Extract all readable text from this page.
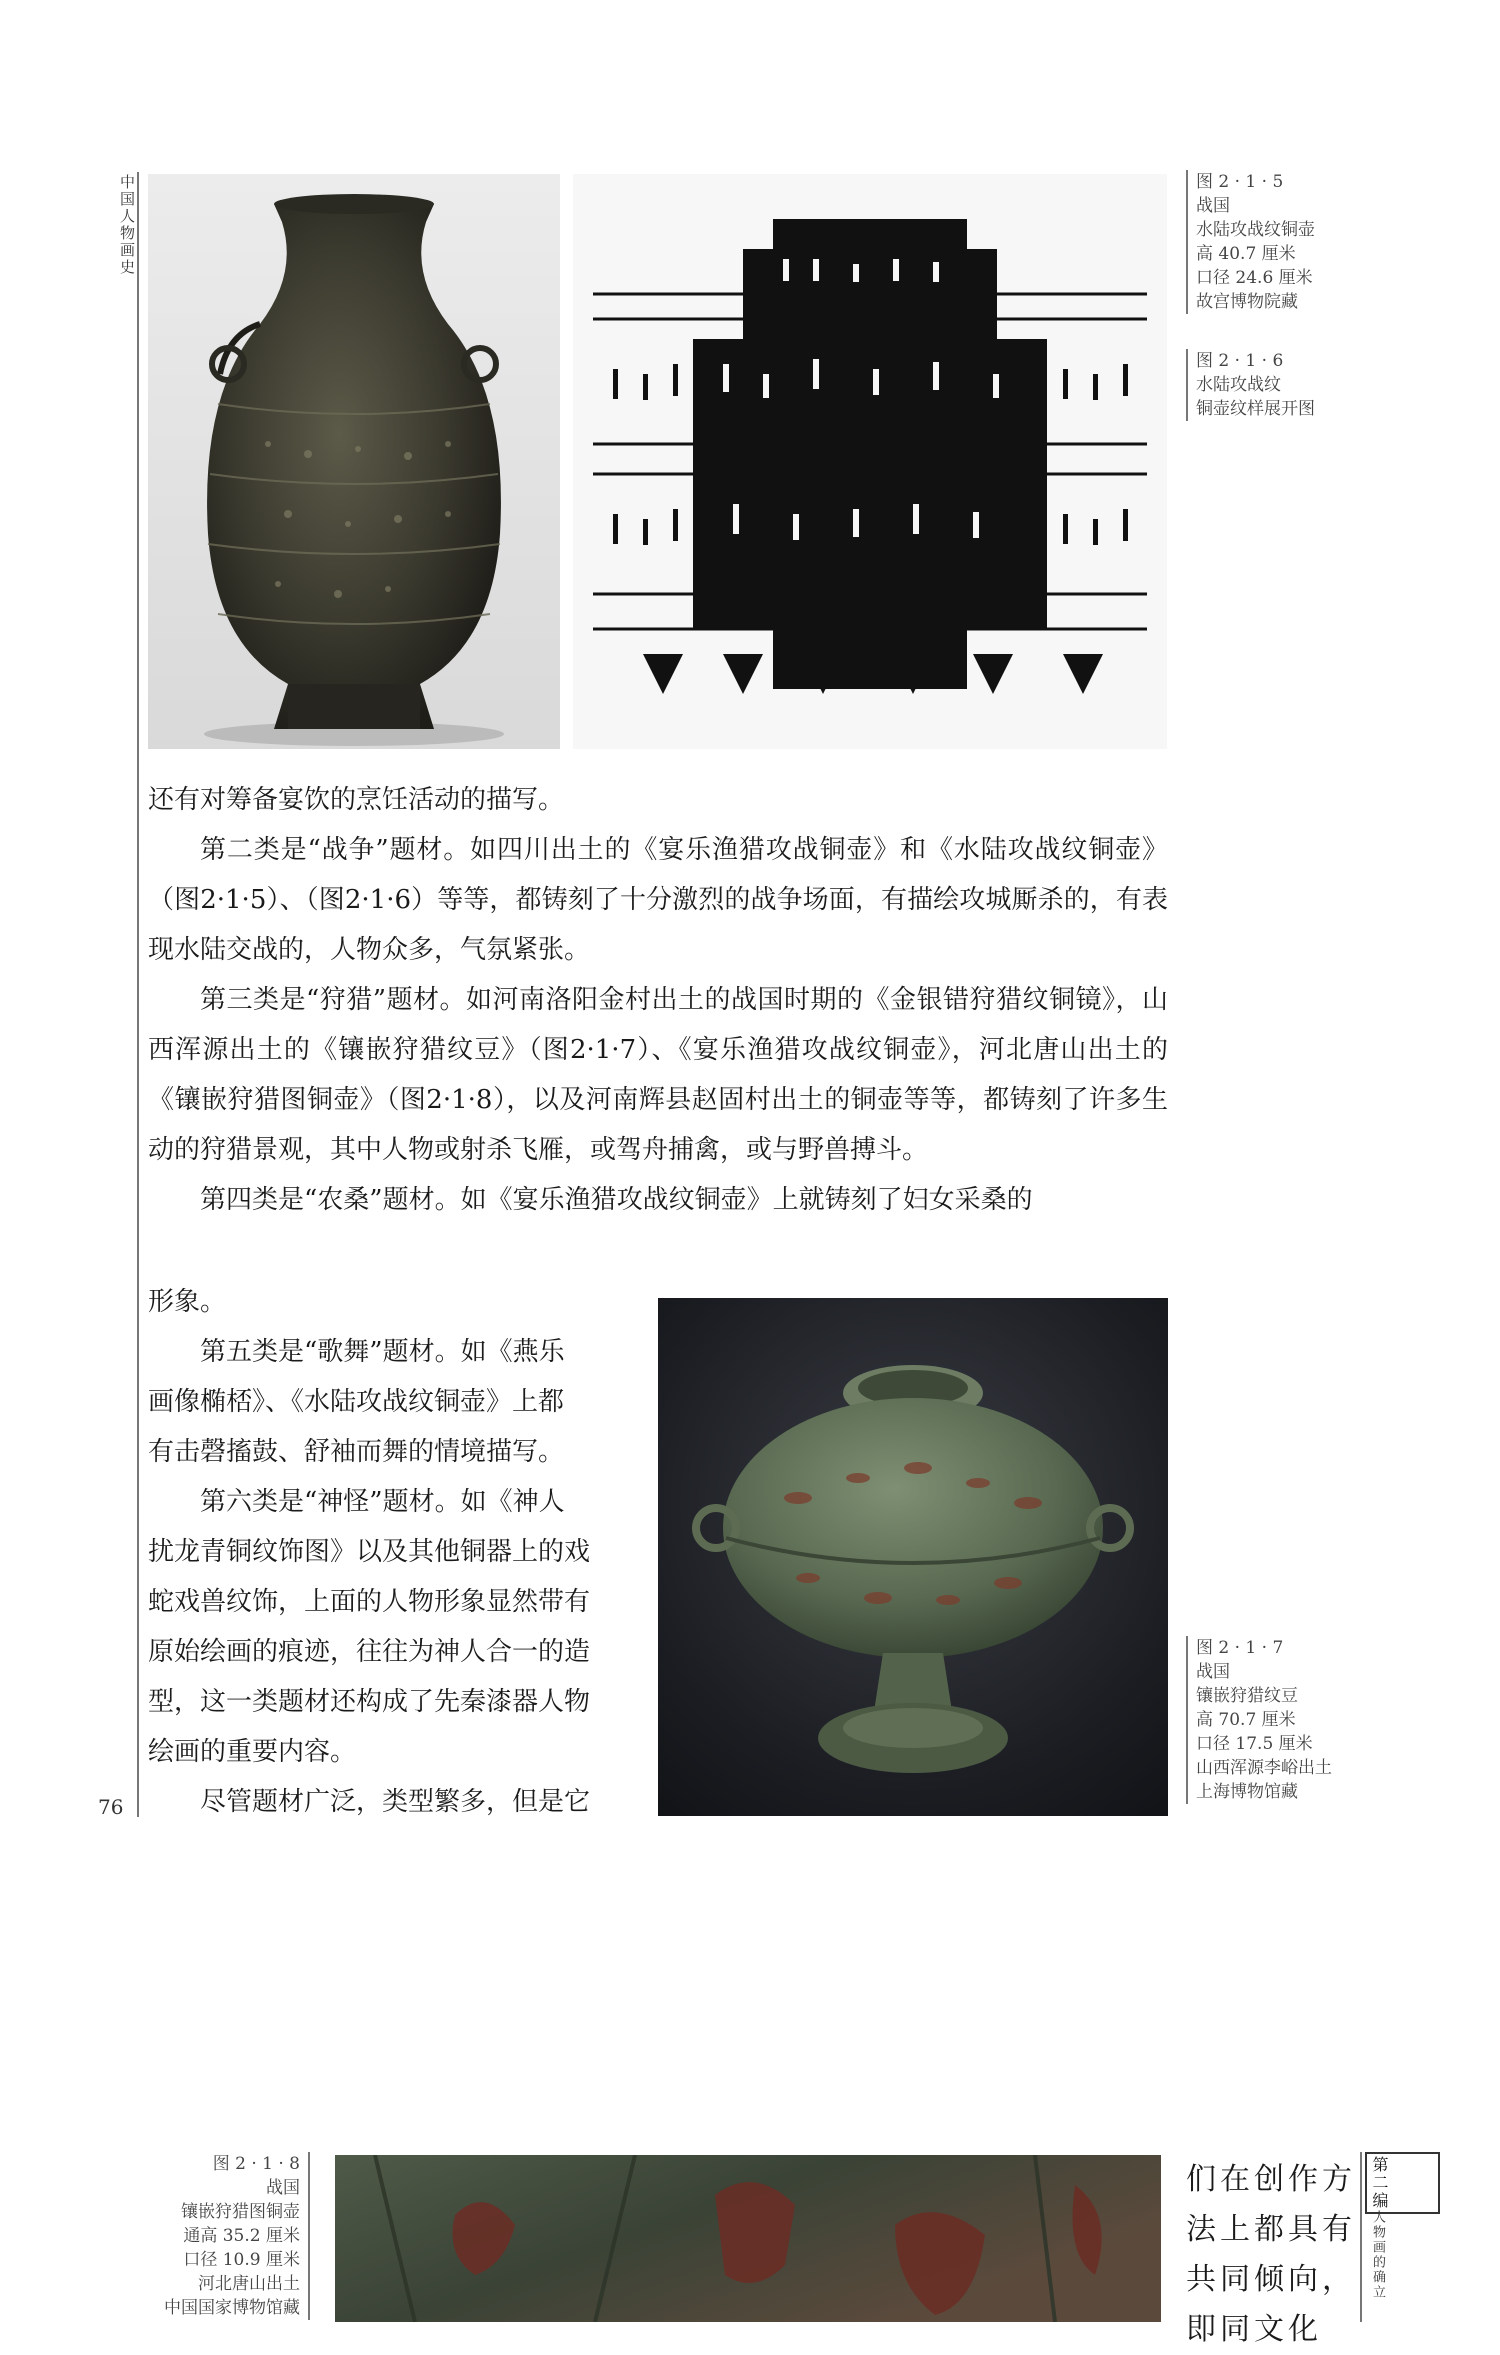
中国人物画史
76
图 2 · 1 · 5
战国
水陆攻战纹铜壶
高 40.7 厘米
口径 24.6 厘米
故宫博物院藏
图 2 · 1 · 6
水陆攻战纹
铜壶纹样展开图

还有对筹备宴饮的烹饪活动的描写。

第二类是“战争”题材。如四川出土的《宴乐渔猎攻战铜壶》和《水陆攻战纹铜壶》（图2·1·5）、（图2·1·6）等等，都铸刻了十分激烈的战争场面，有描绘攻城厮杀的，有表现水陆交战的，人物众多，气氛紧张。

第三类是“狩猎”题材。如河南洛阳金村出土的战国时期的《金银错狩猎纹铜镜》，山西浑源出土的《镶嵌狩猎纹豆》（图2·1·7）、《宴乐渔猎攻战纹铜壶》，河北唐山出土的《镶嵌狩猎图铜壶》（图2·1·8），以及河南辉县赵固村出土的铜壶等等，都铸刻了许多生动的狩猎景观，其中人物或射杀飞雁，或驾舟捕禽，或与野兽搏斗。

第四类是“农桑”题材。如《宴乐渔猎攻战纹铜壶》上就铸刻了妇女采桑的

形象。
第五类是“歌舞”题材。如《燕乐
画像椭桮》、《水陆攻战纹铜壶》上都
有击磬搐鼓、舒袖而舞的情境描写。
第六类是“神怪”题材。如《神人
扰龙青铜纹饰图》以及其他铜器上的戏
蛇戏兽纹饰，上面的人物形象显然带有
原始绘画的痕迹，往往为神人合一的造
型，这一类题材还构成了先秦漆器人物
绘画的重要内容。
尽管题材广泛，类型繁多，但是它
图 2 · 1 · 7
战国
镶嵌狩猎纹豆
高 70.7 厘米
口径 17.5 厘米
山西浑源李峪出土
上海博物馆藏
图 2 · 1 · 8
战国
镶嵌狩猎图铜壶
通高 35.2 厘米
口径 10.9 厘米
河北唐山出土
中国国家博物馆藏
们在创作方
法上都具有
共同倾向，
即同文化
第二编
人物画的确立
